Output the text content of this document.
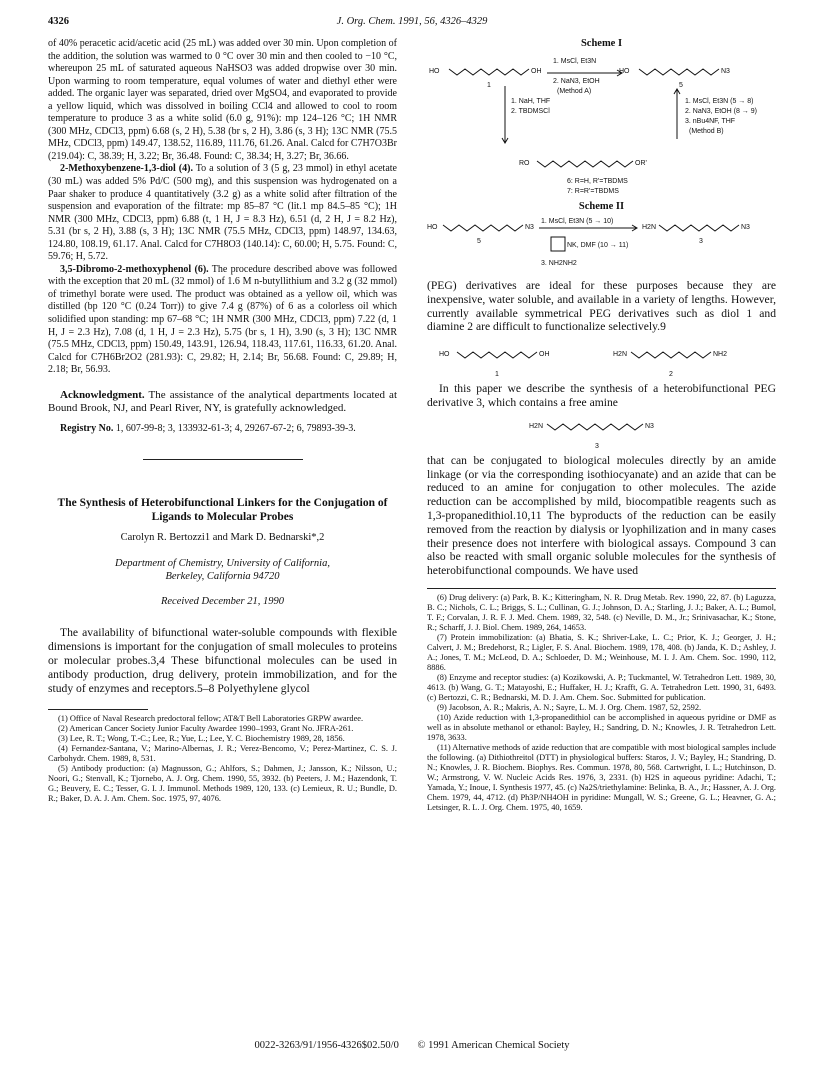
J. Org. Chem. 1991, 56, 4326–4329
4326

of 40% peracetic acid/acetic acid (25 mL) was added over 30 min. Upon completion of the addition, the solution was warmed to 0 °C over 30 min and then cooled to −10 °C, whereupon 25 mL of saturated aqueous NaHSO3 was added dropwise over 30 min. Upon warming to room temperature, equal volumes of water and diethyl ether were added. The organic layer was separated, dried over MgSO4, and evaporated to provide a yellow liquid, which was dissolved in boiling CCl4 and allowed to cool to room temperature to produce 3 as a white solid (6.0 g, 91%): mp 124–126 °C; 1H NMR (300 MHz, CDCl3, ppm) 6.68 (s, 2 H), 5.38 (br s, 2 H), 3.86 (s, 3 H); 13C NMR (75.5 MHz, CDCl3, ppm) 149.47, 138.52, 116.89, 111.76, 61.26. Anal. Calcd for C7H7O3Br (219.04): C, 38.39; H, 3.22; Br, 36.48. Found: C, 38.34; H, 3.27; Br, 36.66.

2-Methoxybenzene-1,3-diol (4). To a solution of 3 (5 g, 23 mmol) in ethyl acetate (30 mL) was added 5% Pd/C (500 mg), and this suspension was hydrogenated on a Paar shaker to produce 4 quantitatively (3.2 g) as a white solid after filtration of the suspension and evaporation of the filtrate: mp 85–87 °C (lit.1 mp 84.5–85 °C); 1H NMR (300 MHz, CDCl3, ppm) 6.88 (t, 1 H, J = 8.3 Hz), 6.51 (d, 2 H, J = 8.2 Hz), 5.31 (br s, 2 H), 3.88 (s, 3 H); 13C NMR (75.5 MHz, CDCl3, ppm) 148.97, 134.63, 124.80, 108.19, 61.17. Anal. Calcd for C7H8O3 (140.14): C, 60.00; H, 5.75. Found: C, 59.76; H, 5.72.

3,5-Dibromo-2-methoxyphenol (6). The procedure described above was followed with the exception that 20 mL (32 mmol) of 1.6 M n-butyllithium and 3.2 g (32 mmol) of trimethyl borate were used. The product was obtained as a yellow oil, which was distilled (bp 120 °C (0.24 Torr)) to give 7.4 g (87%) of 6 as a colorless oil which solidified upon standing: mp 67–68 °C; 1H NMR (300 MHz, CDCl3, ppm) 7.22 (d, 1 H, J = 2.3 Hz), 7.08 (d, 1 H, J = 2.3 Hz), 5.75 (br s, 1 H), 3.90 (s, 3 H); 13C NMR (75.5 MHz, CDCl3, ppm) 150.49, 143.91, 126.94, 118.43, 117.61, 116.33, 61.20. Anal. Calcd for C7H6Br2O2 (281.93): C, 29.82; H, 2.14; Br, 56.68. Found: C, 29.89; H, 2.18; Br, 56.93.

Acknowledgment. The assistance of the analytical departments located at Bound Brook, NJ, and Pearl River, NY, is gratefully acknowledged.

Registry No. 1, 607-99-8; 3, 133932-61-3; 4, 29267-67-2; 6, 79893-39-3.

The Synthesis of Heterobifunctional Linkers for the Conjugation of Ligands to Molecular Probes
Carolyn R. Bertozzi1 and Mark D. Bednarski*,2
Department of Chemistry, University of California,
Berkeley, California 94720
Received December 21, 1990

The availability of bifunctional water-soluble compounds with flexible dimensions is important for the conjugation of small molecules to proteins or molecular probes.3,4 These bifunctional molecules can be used in antibody production, drug delivery, protein immobilization, and for the study of enzymes and receptors.5–8 Polyethylene glycol

(1) Office of Naval Research predoctoral fellow; AT&T Bell Laboratories GRPW awardee.

(2) American Cancer Society Junior Faculty Awardee 1990–1993, Grant No. JFRA-261.

(3) Lee, R. T.; Wong, T.-C.; Lee, R.; Yue, L.; Lee, Y. C. Biochemistry 1989, 28, 1856.

(4) Fernandez-Santana, V.; Marino-Albernas, J. R.; Verez-Bencomo, V.; Perez-Martinez, C. S. J. Carbohydr. Chem. 1989, 8, 531.

(5) Antibody production: (a) Magnusson, G.; Ahlfors, S.; Dahmen, J.; Jansson, K.; Nilsson, U.; Noori, G.; Stenvall, K.; Tjornebo, A. J. Org. Chem. 1990, 55, 3932. (b) Peeters, J. M.; Hazendonk, T. G.; Beuvery, E. C.; Tesser, G. I. J. Immunol. Methods 1989, 120, 133. (c) Lemieux, R. U.; Bundle, D. R.; Baker, D. A. J. Am. Chem. Soc. 1975, 97, 4076.

Scheme I
HO	OH
1
HO	N3
5
1. MsCl, Et3N
2. NaN3, EtOH
(Method A)
1. NaH, THF
2. TBDMSCl
1. MsCl, Et3N (5 → 8)
2. NaN3, EtOH (8 → 9)
3. nBu4NF, THF
(Method B)
RO	OR'
6: R=H, R'=TBDMS
7: R=R'=TBDMS
Scheme II
HO	N3
5
1. MsCl, Et3N (5 → 10)
NK, DMF (10 → 11)
3. NH2NH2
H2N	N3
3

(PEG) derivatives are ideal for these purposes because they are inexpensive, water soluble, and available in a variety of lengths. However, currently available symmetrical PEG derivatives such as diol 1 and diamine 2 are difficult to functionalize selectively.9

HO	OH
1
H2N	NH2
2

In this paper we describe the synthesis of a heterobifunctional PEG derivative 3, which contains a free amine

H2N	N3
3

that can be conjugated to biological molecules directly by an amide linkage (or via the corresponding isothiocyanate) and an azide that can be reduced to an amine for conjugation to other molecules. The azide reduction can be accomplished by mild, biocompatible reagents such as 1,3-propanedithiol.10,11 The byproducts of the reduction can be easily removed from the reaction by dialysis or lyophilization and in many cases their presence does not interfere with biological assays. Compound 3 can also be reacted with small organic soluble molecules for the synthesis of heterobifunctional compounds. We have used

(6) Drug delivery: (a) Park, B. K.; Kitteringham, N. R. Drug Metab. Rev. 1990, 22, 87. (b) Laguzza, B. C.; Nichols, C. L.; Briggs, S. L.; Cullinan, G. J.; Johnson, D. A.; Starling, J. J.; Baker, A. L.; Bumol, T. F.; Corvalan, J. R. F. J. Med. Chem. 1989, 32, 548. (c) Neville, D. M., Jr.; Srinivasachar, K.; Stone, R.; Scharff, J. J. Biol. Chem. 1989, 264, 14653.

(7) Protein immobilization: (a) Bhatia, S. K.; Shriver-Lake, L. C.; Prior, K. J.; Georger, J. H.; Calvert, J. M.; Bredehorst, R.; Ligler, F. S. Anal. Biochem. 1989, 178, 408. (b) Janda, K. D.; Ashley, J. A.; Jones, T. M.; McLeod, D. A.; Schloeder, D. M.; Weinhouse, M. I. J. Am. Chem. Soc. 1990, 112, 8886.

(8) Enzyme and receptor studies: (a) Kozikowski, A. P.; Tuckmantel, W. Tetrahedron Lett. 1989, 30, 4613. (b) Wang, G. T.; Matayoshi, E.; Huffaker, H. J.; Krafft, G. A. Tetrahedron Lett. 1990, 31, 6493. (c) Bertozzi, C. R.; Bednarski, M. D. J. Am. Chem. Soc. Submitted for publication.

(9) Jacobson, A. R.; Makris, A. N.; Sayre, L. M. J. Org. Chem. 1987, 52, 2592.

(10) Azide reduction with 1,3-propanedithiol can be accomplished in aqueous pyridine or DMF as well as in absolute methanol or ethanol: Bayley, H.; Sandring, D. N.; Knowles, J. R. Tetrahedron Lett. 1978, 3633.

(11) Alternative methods of azide reduction that are compatible with most biological samples include the following. (a) Dithiothreitol (DTT) in physiological buffers: Staros, J. V.; Bayley, H.; Standring, D. N.; Knowles, J. R. Biochem. Biophys. Res. Commun. 1978, 80, 568. Cartwright, I. L.; Hutchinson, D. W.; Armstrong, V. W. Nucleic Acids Res. 1976, 3, 2331. (b) H2S in aqueous pyridine: Adachi, T.; Yamada, Y.; Inoue, I. Synthesis 1977, 45. (c) Na2S/triethylamine: Belinka, B. A., Jr.; Hassner, A. J. Org. Chem. 1979, 44, 4712. (d) Ph3P/NH4OH in pyridine: Mungall, W. S.; Greene, G. L.; Heavner, G. A.; Letsinger, R. L. J. Org. Chem. 1975, 40, 1659.

0022-3263/91/1956-4326$02.50/0 © 1991 American Chemical Society
